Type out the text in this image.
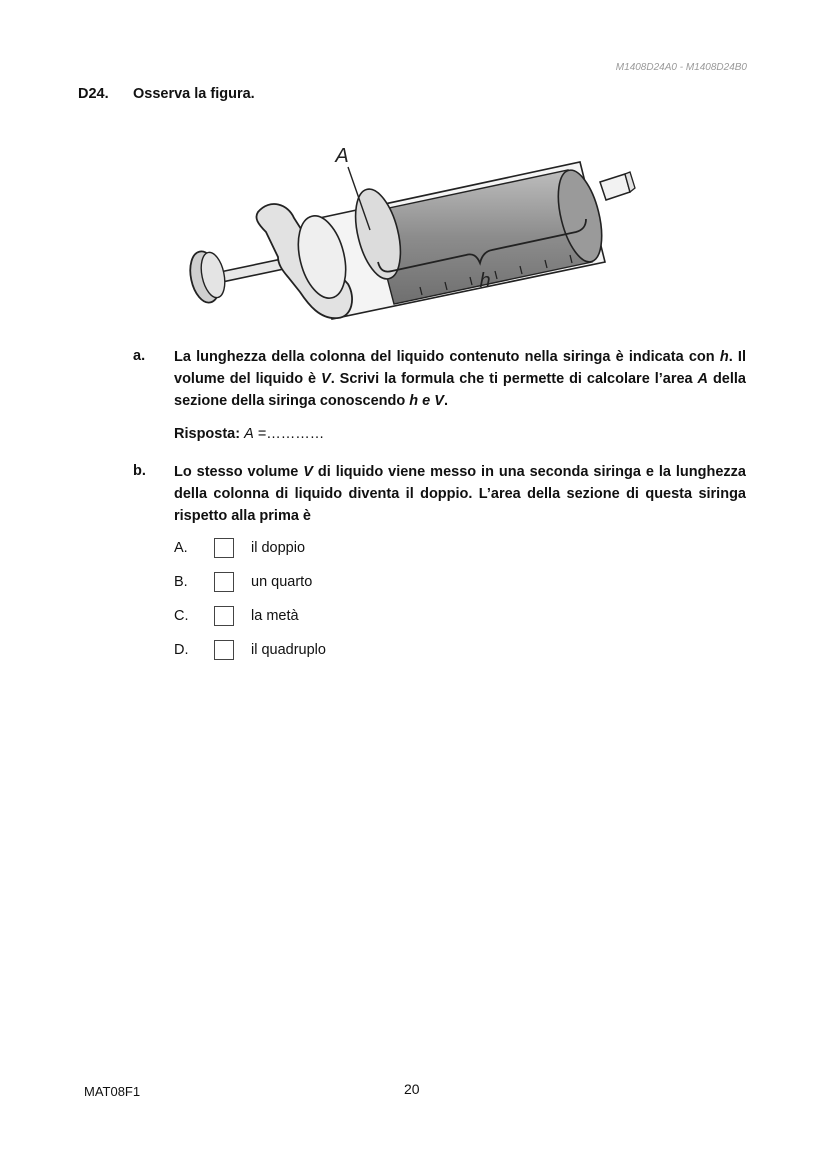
M1408D24A0 - M1408D24B0
D24. Osserva la figura.
A
h
a. La lunghezza della colonna del liquido contenuto nella siringa è indicata con h. Il volume del liquido è V. Scrivi la formula che ti permette di calcolare l’area A della sezione della siringa conoscendo h e V.
Risposta: A =…………
b. Lo stesso volume V di liquido viene messo in una seconda siringa e la lunghezza della colonna di liquido diventa il doppio. L’area della sezione di questa siringa rispetto alla prima è
A.	il doppio
B.	un quarto
C.	la metà
D.	il quadruplo
MAT08F1	20
